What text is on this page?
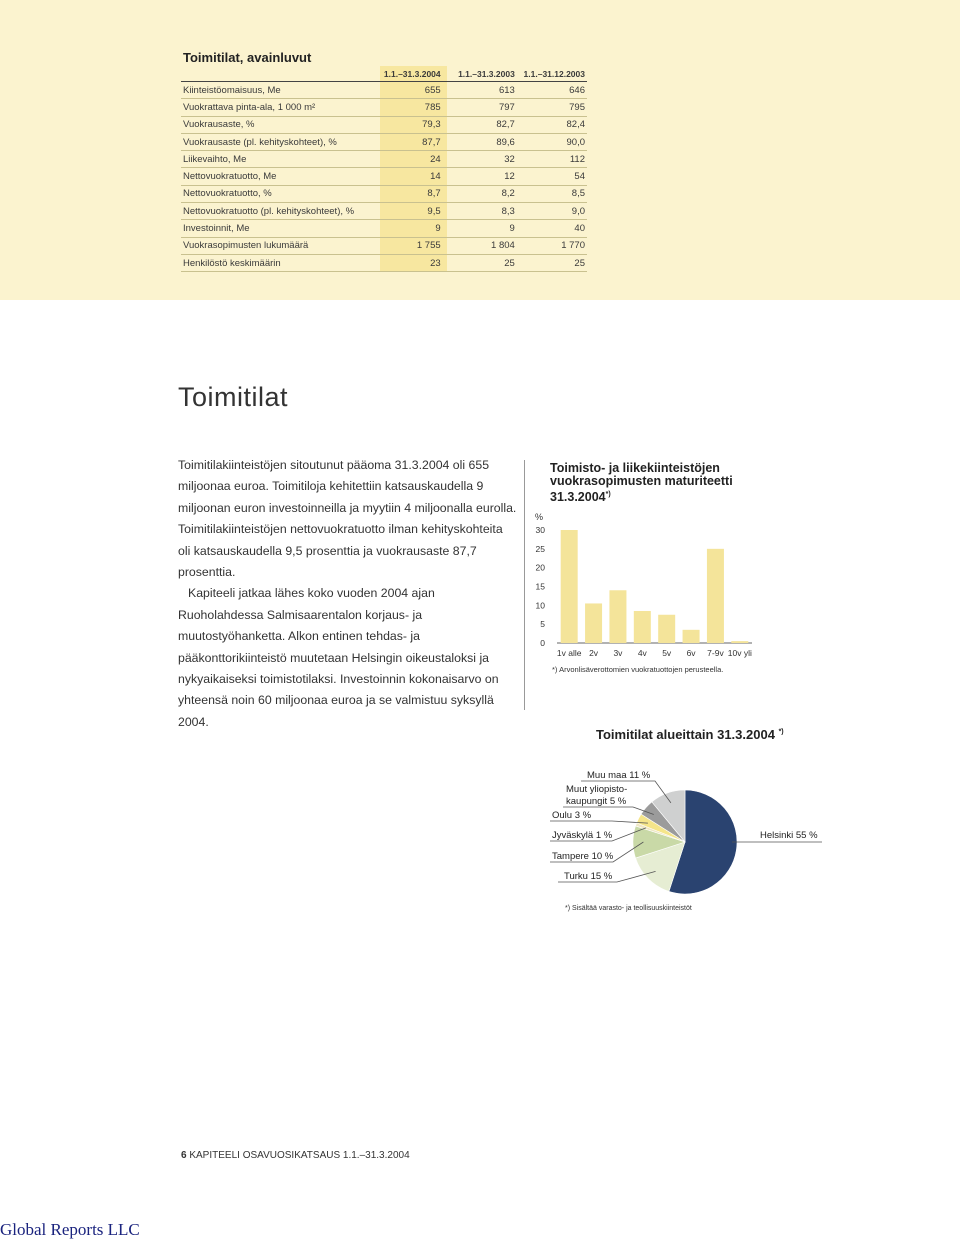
Toimitilat, avainluvut
	1.1.–31.3.2004	1.1.–31.3.2003	1.1.–31.12.2003
Kiinteistöomaisuus, Me	655	613	646
Vuokrattava pinta-ala, 1 000 m²	785	797	795
Vuokrausaste, %	79,3	82,7	82,4
Vuokrausaste (pl. kehityskohteet), %	87,7	89,6	90,0
Liikevaihto, Me	24	32	112
Nettovuokratuotto, Me	14	12	54
Nettovuokratuotto, %	8,7	8,2	8,5
Nettovuokratuotto (pl. kehityskohteet), %	9,5	8,3	9,0
Investoinnit, Me	9	9	40
Vuokrasopimusten lukumäärä	1 755	1 804	1 770
Henkilöstö keskimäärin	23	25	25
Toimitilat

Toimitilakiinteistöjen sitoutunut pääoma 31.3.2004 oli 655 miljoonaa euroa. Toimitiloja kehitettiin katsauskaudella 9 miljoonan euron investoinneilla ja myytiin 4 miljoonalla eurolla. Toimitilakiinteistöjen nettovuokratuotto ilman kehityskohteita oli katsauskaudella 9,5 prosenttia ja vuokrausaste 87,7 prosenttia.

Kapiteeli jatkaa lähes koko vuoden 2004 ajan Ruoholahdessa Salmisaarentalon korjaus- ja muutostyöhanketta. Alkon entinen tehdas- ja pääkonttorikiinteistö muutetaan Helsingin oikeustaloksi ja nykyaikaiseksi toimistotilaksi. Investoinnin kokonaisarvo on yhteensä noin 60 miljoonaa euroa ja se valmistuu syksyllä 2004.

Toimisto- ja liikekiinteistöjen vuokrasopimusten maturiteetti 31.3.2004*)
%
0
5
10
15
20
25
30
1v alle 2v 3v 4v 5v 6v 7-9v 10v yli
Helsinki 55 %
Turku 15 %
Tampere 10 %
Jyväskylä 1 %
Oulu 3 %
Muut yliopisto-
kaupungit 5 %
Muu maa 11 %
*) Arvonlisäverottomien vuokratuottojen perusteella.
Toimitilat alueittain 31.3.2004 *)
*) Sisältää varasto- ja teollisuuskiinteistöt
6 KAPITEELI OSAVUOSIKATSAUS 1.1.–31.3.2004
Global Reports LLC
